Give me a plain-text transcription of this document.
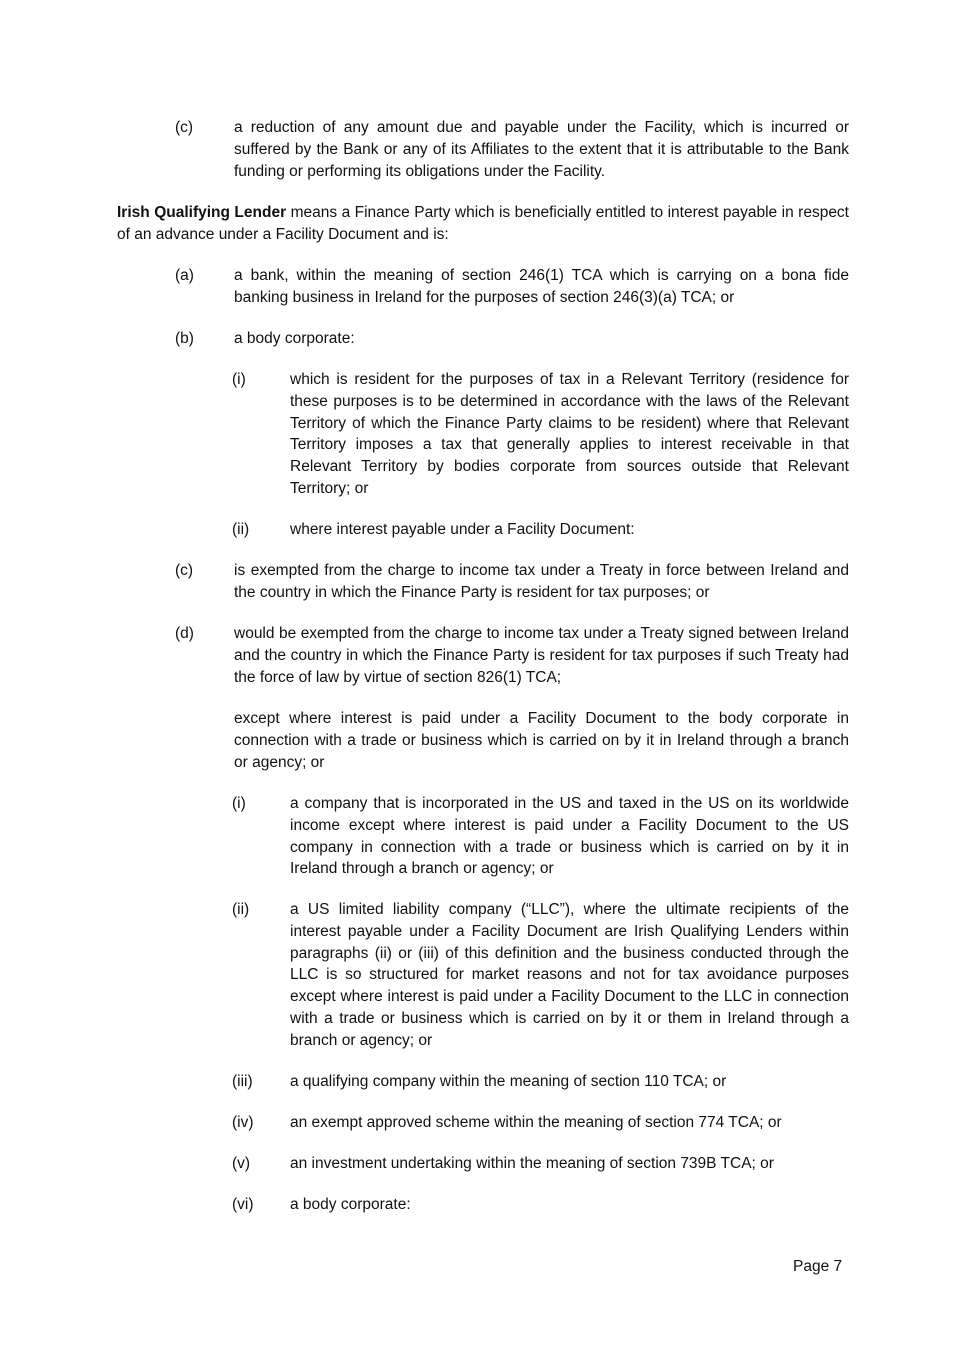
(c)	a reduction of any amount due and payable under the Facility, which is incurred or suffered by the Bank or any of its Affiliates to the extent that it is attributable to the Bank funding or performing its obligations under the Facility.
Irish Qualifying Lender means a Finance Party which is beneficially entitled to interest payable in respect of an advance under a Facility Document and is:
(a)	a bank, within the meaning of section 246(1) TCA which is carrying on a bona fide banking business in Ireland for the purposes of section 246(3)(a) TCA; or
(b)	a body corporate:
(i)	which is resident for the purposes of tax in a Relevant Territory (residence for these purposes is to be determined in accordance with the laws of the Relevant Territory of which the Finance Party claims to be resident) where that Relevant Territory imposes a tax that generally applies to interest receivable in that Relevant Territory by bodies corporate from sources outside that Relevant Territory; or
(ii)	where interest payable under a Facility Document:
(c)	is exempted from the charge to income tax under a Treaty in force between Ireland and the country in which the Finance Party is resident for tax purposes; or
(d)	would be exempted from the charge to income tax under a Treaty signed between Ireland and the country in which the Finance Party is resident for tax purposes if such Treaty had the force of law by virtue of section 826(1) TCA;
except where interest is paid under a Facility Document to the body corporate in connection with a trade or business which is carried on by it in Ireland through a branch or agency; or
(i)	a company that is incorporated in the US and taxed in the US on its worldwide income except where interest is paid under a Facility Document to the US company in connection with a trade or business which is carried on by it in Ireland through a branch or agency; or
(ii)	a US limited liability company (“LLC”), where the ultimate recipients of the interest payable under a Facility Document are Irish Qualifying Lenders within paragraphs (ii) or (iii) of this definition and the business conducted through the LLC is so structured for market reasons and not for tax avoidance purposes except where interest is paid under a Facility Document to the LLC in connection with a trade or business which is carried on by it or them in Ireland through a branch or agency; or
(iii) a qualifying company within the meaning of section 110 TCA; or
(iv) an exempt approved scheme within the meaning of section 774 TCA; or
(v)	an investment undertaking within the meaning of section 739B TCA; or
(vi) a body corporate:
Page 7
